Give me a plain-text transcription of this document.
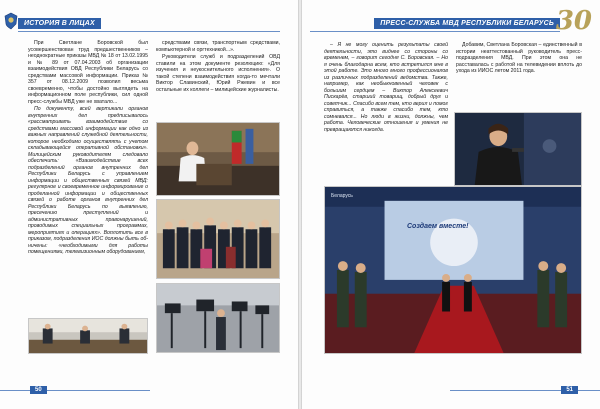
ИСТОРИЯ В ЛИЦАХ

При Светлане Боровской был усовершенствован труд предшественников – неоднократные приказы МВД № 18 от 13.02.1995 и № 89 от 07.04.2003 об организации взаимодействия ОВД Республики Беларусь со средствами массовой информации. Приказ № 357 от 08.12.2009 позволил весьма своевременно, чтобы достойно выглядеть на информационном поле республики, сил одной пресс-службы МВД уже не хватало...

По документу, всей вертикали органов внутренних дел предписывалось «рассматривать взаимодействие со средствами массовой информации как одно из важных направлений служебной деятельности, которое необходимо осуществлять с учетом складывающейся оперативной обстановки». Милицейским руководителям следовало обеспечить: «Взаимодействие всех подразделений органов внутренних дел Республики Беларусь с управлением информации и общественных связей МВД: регулярное и своевременное информирование о проделанной информации и общественных связей о работе органов внутренних дел Республики Беларусь по выявлению, пресечению преступлений и административных правонарушений, проводимых специальных программах, мероприятиях и операциях». Воплотить все в приказом, подразделения ИОС должны быть об-ничены: «необходимыми для работы помещениями, телевизионным оборудованием,

средствами связи, транспортным средствами, компьютерной и оргтехникой...».

Руководители служб и подразделений ОВД ставили на этом документе резолюцию: «Для изучения и неукоснительного исполнения». О такой степени взаимодействия когда-то мечтали Виктор Славинский, Юрий Ржевин и все остальные их коллеги – милицейские журналисты.

50
ПРЕСС-СЛУЖБА МВД РЕСПУБЛИКИ БЕЛАРУСЬ 30

– Я не могу оценить результаты своей деятельности, это виднее со стороны со временем, – говорит сегодня С. Боровская. – Но я очень благодарна всем, кто встретился мне в этой работе. Это много много профессионалов из различных подразделений ведомства. Также, например, как необыкновенный человек с большим сердцем – Виктор Алексеевич Пискарёв, старший товарищ, добрый друг и советчик... Спасибо всем тем, кто верил и помог справиться, а также спасибо тем, кто сомневался... Но люди в жизни, должны, чем работа. Человеческие отношения и умения не превращаются никогда.

Добавим, Светлана Боровская – единственный в истории неаттестованный руководитель пресс-подразделения МВД. При этом она не расставалась с работой на телевидении вплоть до ухода из ИИОС летом 2011 года.

Создаем вместе!
Беларусь
51
